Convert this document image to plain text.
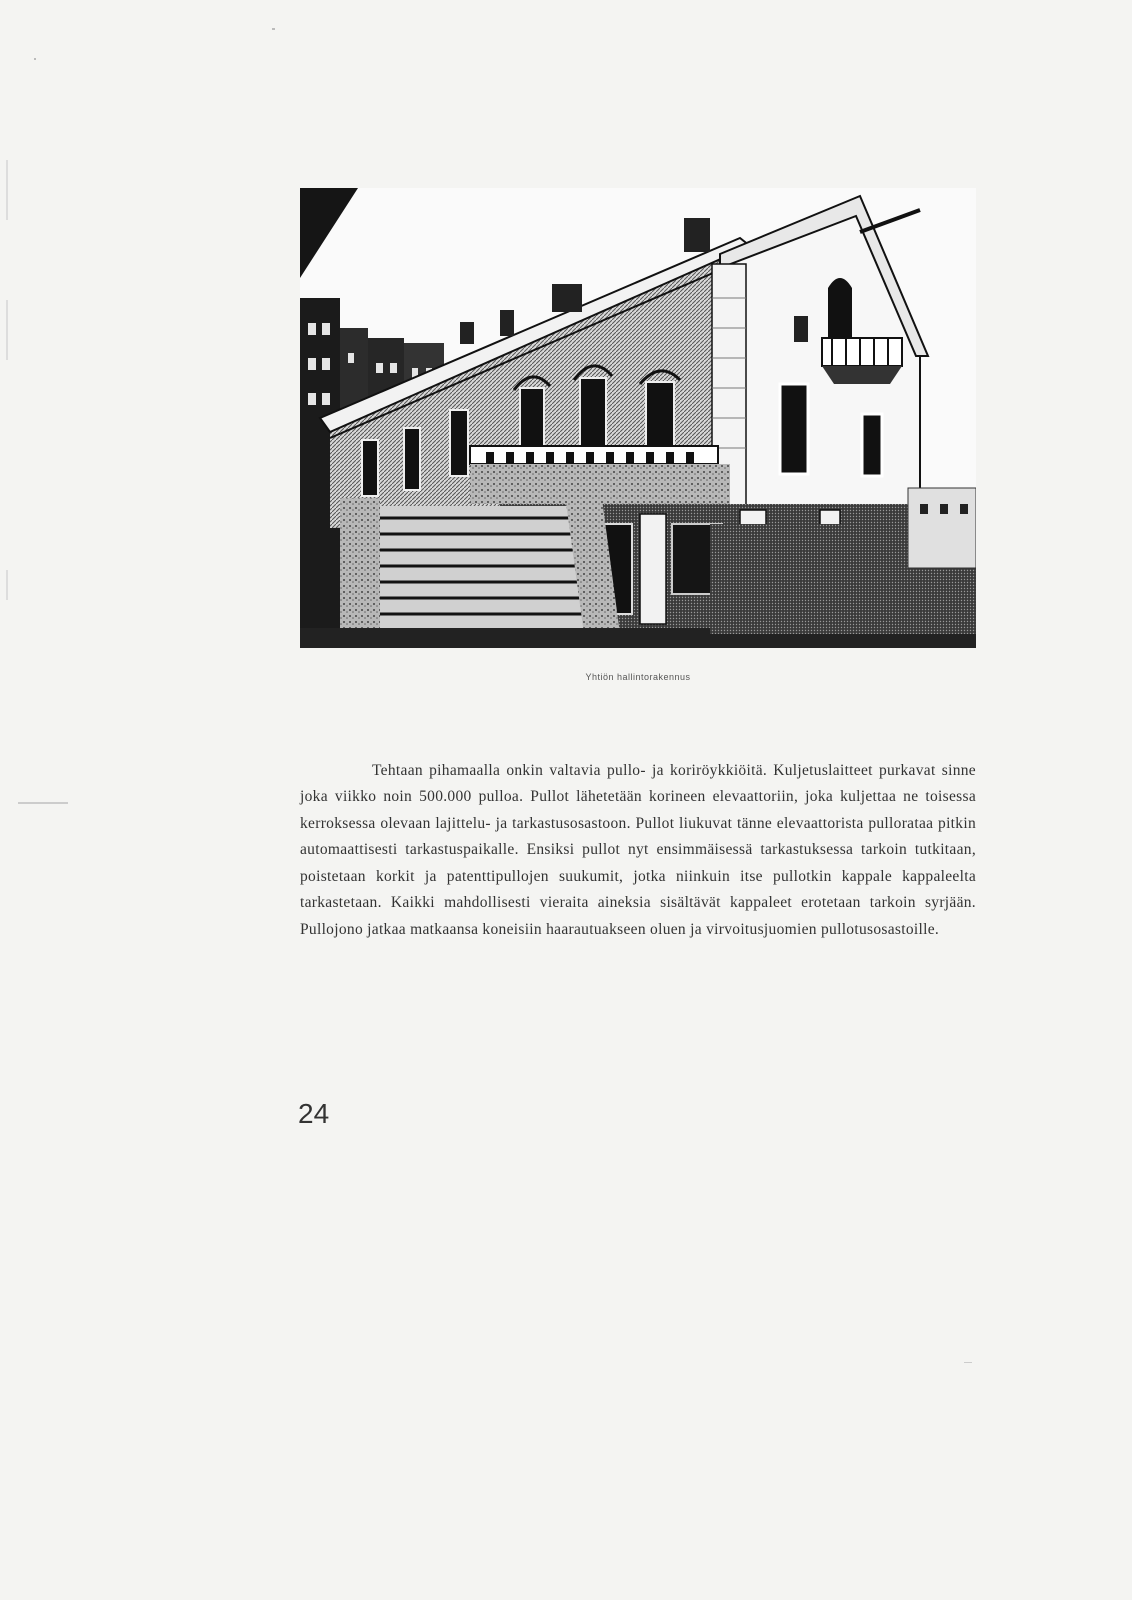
Yhtiön hallintorakennus

Tehtaan pihamaalla onkin valtavia pullo- ja koriröykkiöitä. Kuljetuslaitteet purkavat sinne joka viikko noin 500.000 pulloa. Pullot lähetetään korineen elevaattoriin, joka kuljettaa ne toisessa kerroksessa olevaan lajittelu- ja tarkastusosastoon. Pullot liukuvat tänne elevaattorista pullorataa pitkin automaattisesti tarkastuspaikalle. Ensiksi pullot nyt ensimmäisessä tarkastuksessa tarkoin tutkitaan, poistetaan korkit ja patenttipullojen suukumit, jotka niinkuin itse pullotkin kappale kappaleelta tarkastetaan. Kaikki mahdollisesti vieraita aineksia sisältävät kappaleet erotetaan tarkoin syrjään. Pullojono jatkaa matkaansa koneisiin haarautuakseen oluen ja virvoitusjuomien pullotusosastoille.

24
